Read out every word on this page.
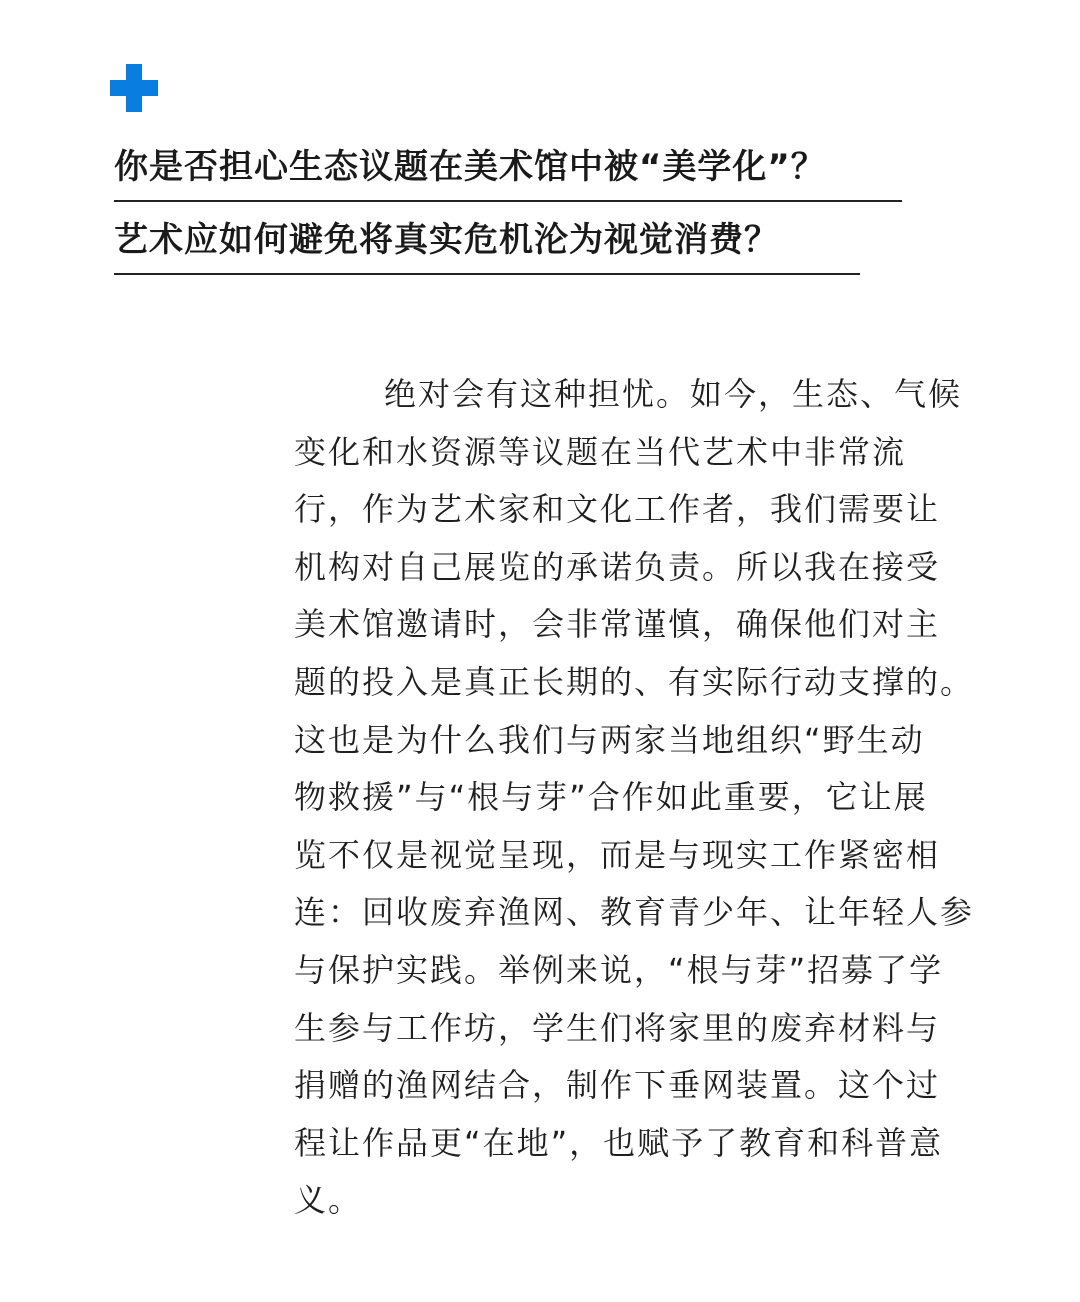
你是否担心生态议题在美术馆中被“美学化”？
艺术应如何避免将真实危机沦为视觉消费？
绝对会有这种担忧。如今，生态、气候
变化和水资源等议题在当代艺术中非常流
行，作为艺术家和文化工作者，我们需要让
机构对自己展览的承诺负责。所以我在接受
美术馆邀请时，会非常谨慎，确保他们对主
题的投入是真正长期的、有实际行动支撑的。
这也是为什么我们与两家当地组织“野生动
物救援”与“根与芽”合作如此重要，它让展
览不仅是视觉呈现，而是与现实工作紧密相
连：回收废弃渔网、教育青少年、让年轻人参
与保护实践。举例来说，“根与芽”招募了学
生参与工作坊，学生们将家里的废弃材料与
捐赠的渔网结合，制作下垂网装置。这个过
程让作品更“在地”，也赋予了教育和科普意
义。
